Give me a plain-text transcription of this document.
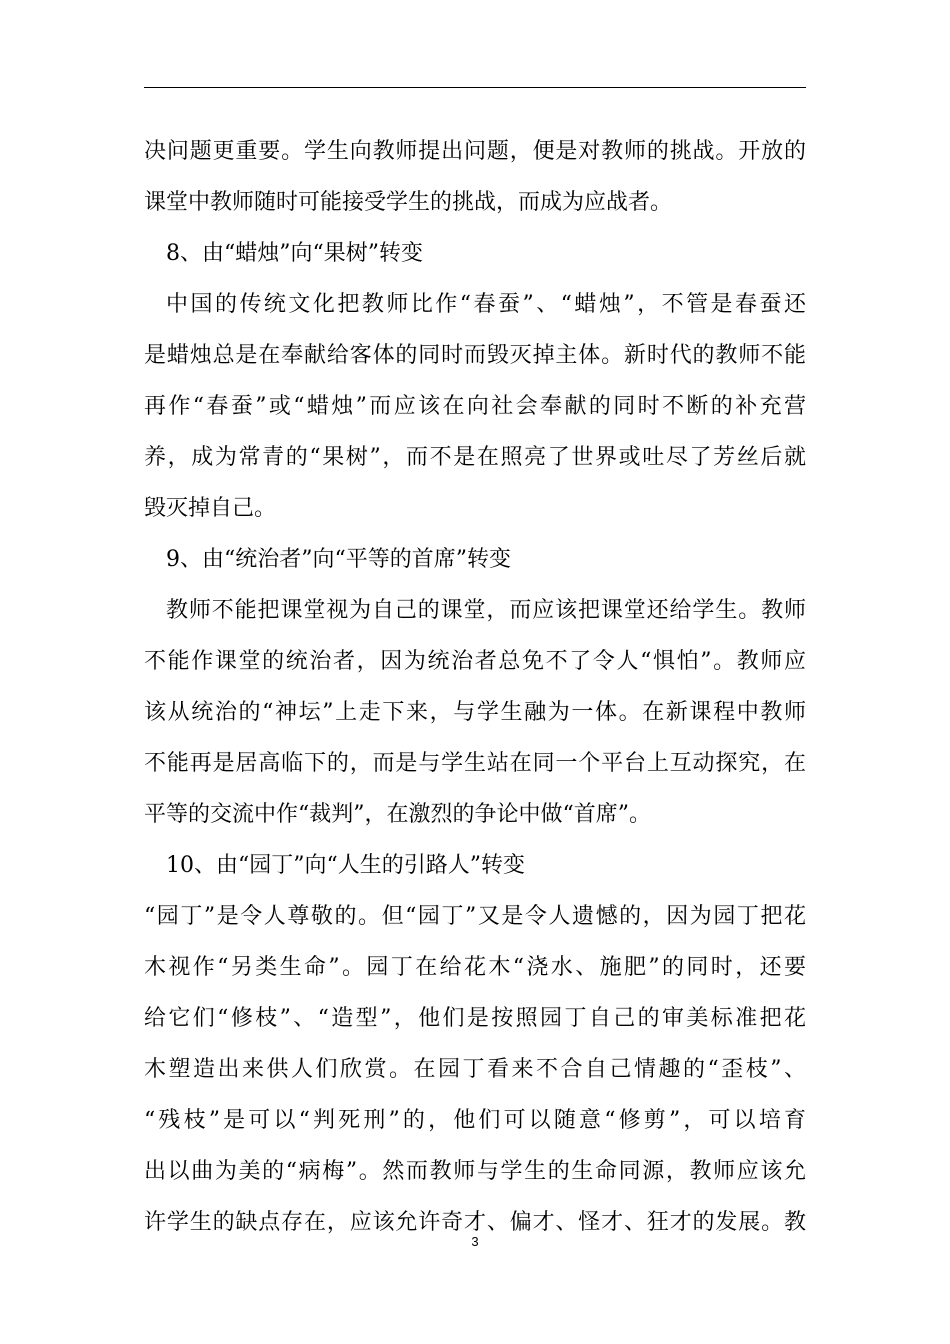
决问题更重要。学生向教师提出问题，便是对教师的挑战。开放的
课堂中教师随时可能接受学生的挑战，而成为应战者。
8、由“蜡烛”向“果树”转变
中国的传统文化把教师比作“春蚕”、“蜡烛”，不管是春蚕还
是蜡烛总是在奉献给客体的同时而毁灭掉主体。新时代的教师不能
再作“春蚕”或“蜡烛”而应该在向社会奉献的同时不断的补充营
养，成为常青的“果树”，而不是在照亮了世界或吐尽了芳丝后就
毁灭掉自己。
9、由“统治者”向“平等的首席”转变
教师不能把课堂视为自己的课堂，而应该把课堂还给学生。教师
不能作课堂的统治者，因为统治者总免不了令人“惧怕”。教师应
该从统治的“神坛”上走下来，与学生融为一体。在新课程中教师
不能再是居高临下的，而是与学生站在同一个平台上互动探究，在
平等的交流中作“裁判”，在激烈的争论中做“首席”。
10、由“园丁”向“人生的引路人”转变
“园丁”是令人尊敬的。但“园丁”又是令人遗憾的，因为园丁把花
木视作“另类生命”。园丁在给花木“浇水、施肥”的同时，还要
给它们“修枝”、“造型”，他们是按照园丁自己的审美标准把花
木塑造出来供人们欣赏。在园丁看来不合自己情趣的“歪枝”、
“残枝”是可以“判死刑”的，他们可以随意“修剪”，可以培育
出以曲为美的“病梅”。然而教师与学生的生命同源，教师应该允
许学生的缺点存在，应该允许奇才、偏才、怪才、狂才的发展。教
3
